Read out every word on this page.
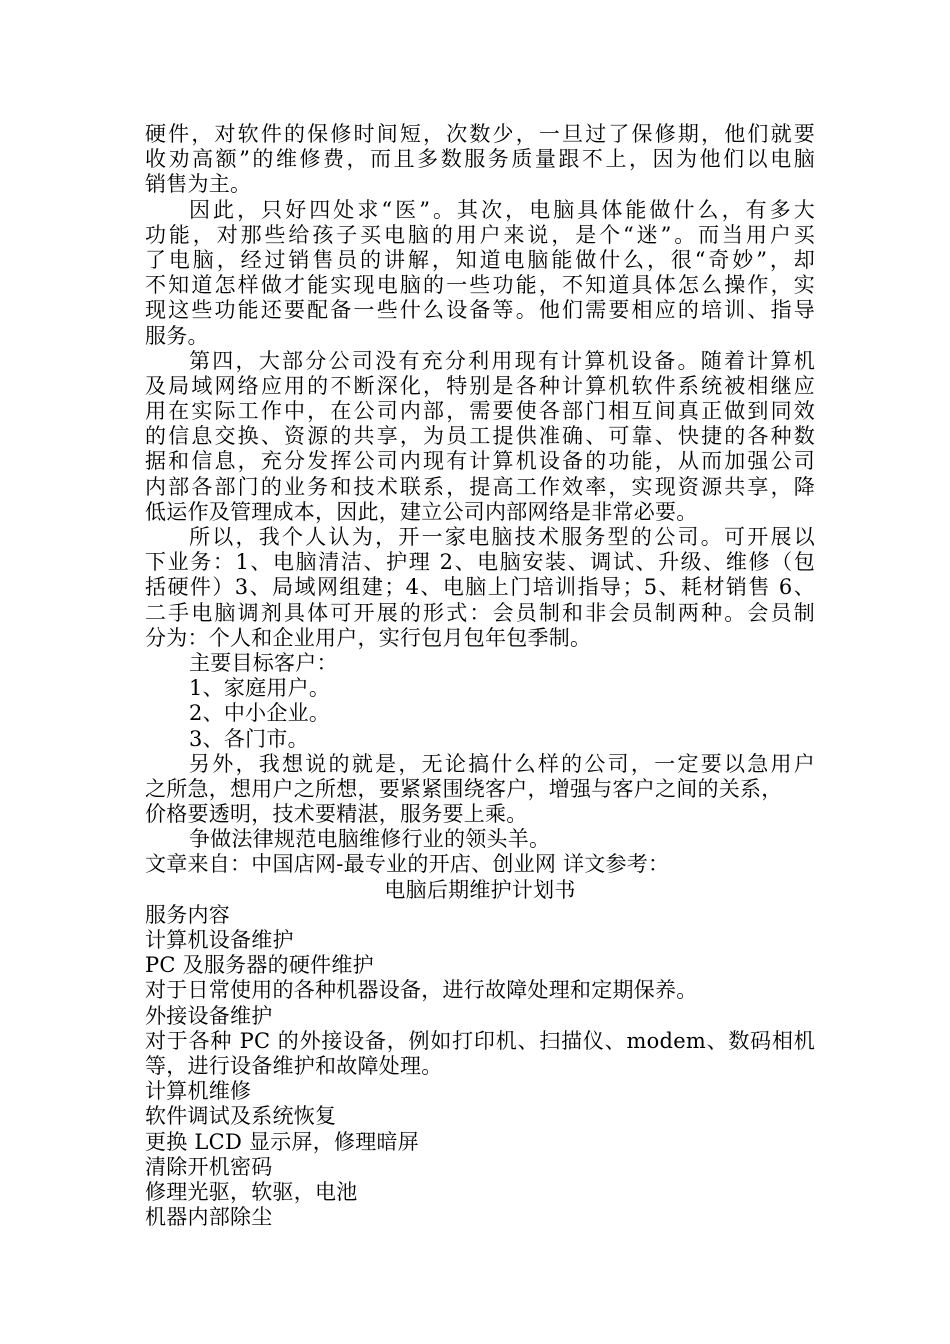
硬件，对软件的保修时间短，次数少，一旦过了保修期，他们就要
收劝高额”的维修费，而且多数服务质量跟不上，因为他们以电脑
销售为主。
因此，只好四处求“医”。其次，电脑具体能做什么，有多大
功能，对那些给孩子买电脑的用户来说，是个“迷”。而当用户买
了电脑，经过销售员的讲解，知道电脑能做什么，很“奇妙”，却
不知道怎样做才能实现电脑的一些功能，不知道具体怎么操作，实
现这些功能还要配备一些什么设备等。他们需要相应的培训、指导
服务。
第四，大部分公司没有充分利用现有计算机设备。随着计算机
及局域网络应用的不断深化，特别是各种计算机软件系统被相继应
用在实际工作中，在公司内部，需要使各部门相互间真正做到同效
的信息交换、资源的共享，为员工提供准确、可靠、快捷的各种数
据和信息，充分发挥公司内现有计算机设备的功能，从而加强公司
内部各部门的业务和技术联系，提高工作效率，实现资源共享，降
低运作及管理成本，因此，建立公司内部网络是非常必要。
所以，我个人认为，开一家电脑技术服务型的公司。可开展以
下业务：1、电脑清洁、护理 2、电脑安装、调试、升级、维修（包
括硬件）3、局域网组建；4、电脑上门培训指导；5、耗材销售 6、
二手电脑调剂具体可开展的形式：会员制和非会员制两种。会员制
分为：个人和企业用户，实行包月包年包季制。
主要目标客户：
1、家庭用户。
2、中小企业。
3、各门市。
另外，我想说的就是，无论搞什么样的公司，一定要以急用户
之所急，想用户之所想，要紧紧围绕客户，增强与客户之间的关系，
价格要透明，技术要精湛，服务要上乘。
争做法律规范电脑维修行业的领头羊。
文章来自：中国店网-最专业的开店、创业网 详文参考：
电脑后期维护计划书
服务内容
计算机设备维护
PC 及服务器的硬件维护
对于日常使用的各种机器设备，进行故障处理和定期保养。
外接设备维护
对于各种 PC 的外接设备，例如打印机、扫描仪、modem、数码相机
等，进行设备维护和故障处理。
计算机维修
软件调试及系统恢复
更换 LCD 显示屏，修理暗屏
清除开机密码
修理光驱，软驱，电池
机器内部除尘
